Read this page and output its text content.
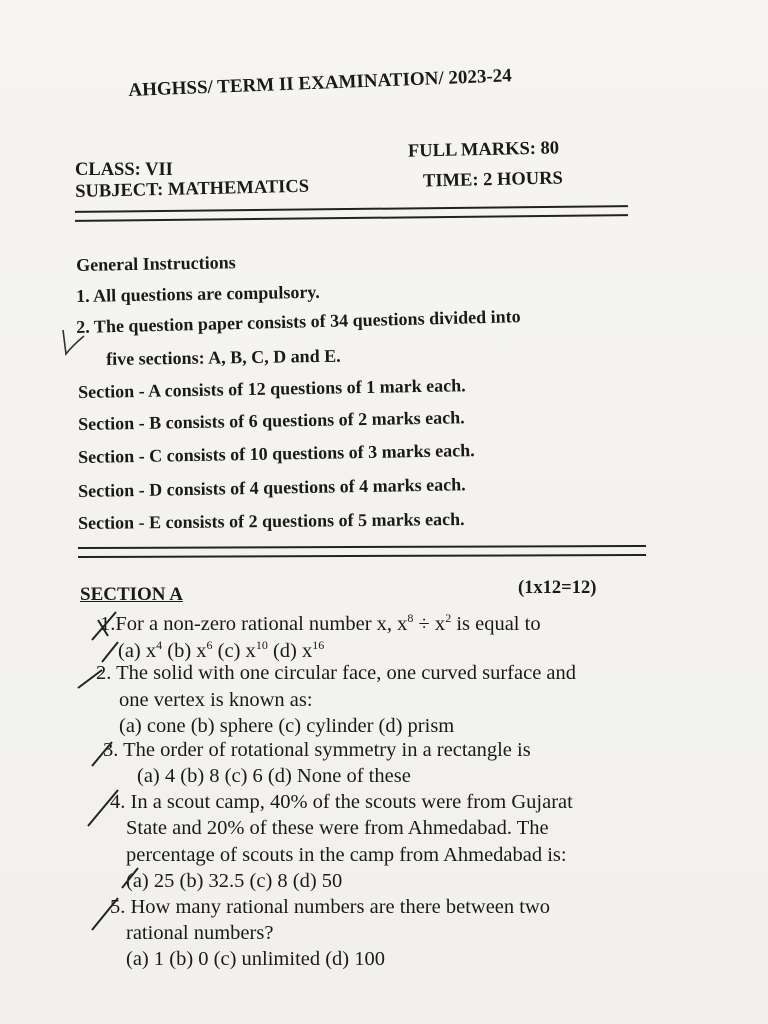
AHGHSS/ TERM II EXAMINATION/ 2023-24
CLASS: VII
FULL MARKS: 80
SUBJECT: MATHEMATICS	TIME: 2 HOURS
General Instructions
1. All questions are compulsory.
2. The question paper consists of 34 questions divided into
five sections: A, B, C, D and E.
Section - A consists of 12 questions of 1 mark each.
Section - B consists of 6 questions of 2 marks each.
Section - C consists of 10 questions of 3 marks each.
Section - D consists of 4 questions of 4 marks each.
Section - E consists of 2 questions of 5 marks each.
SECTION A	(1x12=12)
1.For a non-zero rational number x, $x^8 \div x^2$ is equal to
(a) $x^4$ (b) $x^6$ (c) $x^{10}$ (d) $x^{16}$
2. The solid with one circular face, one curved surface and
one vertex is known as:
(a) cone (b) sphere (c) cylinder (d) prism
3. The order of rotational symmetry in a rectangle is
(a) 4 (b) 8 (c) 6 (d) None of these
4. In a scout camp, 40% of the scouts were from Gujarat
State and 20% of these were from Ahmedabad. The
percentage of scouts in the camp from Ahmedabad is:
(a) 25 (b) 32.5 (c) 8 (d) 50
5. How many rational numbers are there between two
rational numbers?
(a) 1 (b) 0 (c) unlimited (d) 100
